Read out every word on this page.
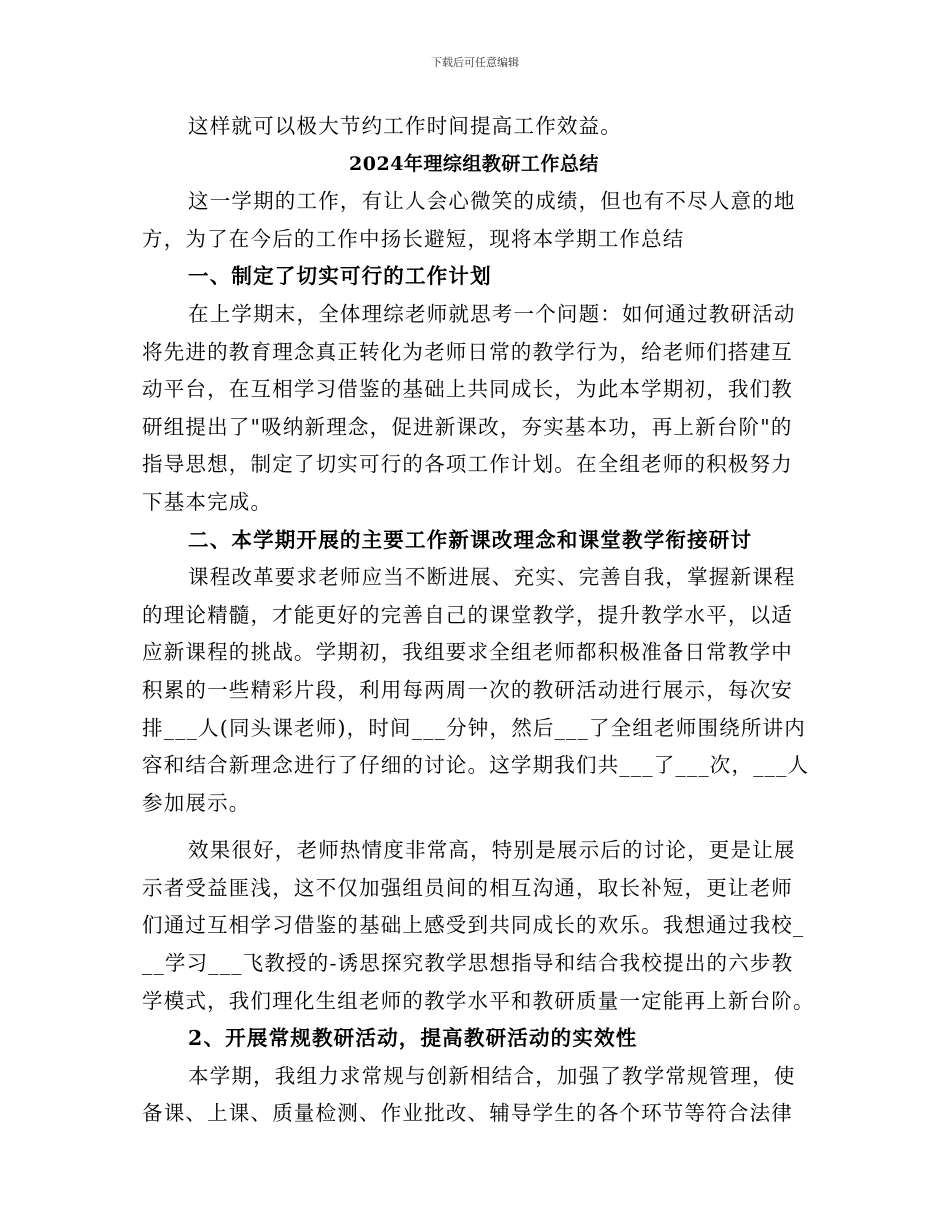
下载后可任意编辑
这样就可以极大节约工作时间提高工作效益。
2024年理综组教研工作总结
这一学期的工作，有让人会心微笑的成绩，但也有不尽人意的地
方，为了在今后的工作中扬长避短，现将本学期工作总结
一、制定了切实可行的工作计划
在上学期末，全体理综老师就思考一个问题：如何通过教研活动
将先进的教育理念真正转化为老师日常的教学行为，给老师们搭建互
动平台，在互相学习借鉴的基础上共同成长，为此本学期初，我们教
研组提出了"吸纳新理念，促进新课改，夯实基本功，再上新台阶"的
指导思想，制定了切实可行的各项工作计划。在全组老师的积极努力
下基本完成。
二、本学期开展的主要工作新课改理念和课堂教学衔接研讨
课程改革要求老师应当不断进展、充实、完善自我，掌握新课程
的理论精髓，才能更好的完善自己的课堂教学，提升教学水平，以适
应新课程的挑战。学期初，我组要求全组老师都积极准备日常教学中
积累的一些精彩片段，利用每两周一次的教研活动进行展示，每次安
排___人(同头课老师)，时间___分钟，然后___了全组老师围绕所讲内
容和结合新理念进行了仔细的讨论。这学期我们共___了___次，___人
参加展示。
效果很好，老师热情度非常高，特别是展示后的讨论，更是让展
示者受益匪浅，这不仅加强组员间的相互沟通，取长补短，更让老师
们通过互相学习借鉴的基础上感受到共同成长的欢乐。我想通过我校_
__学习___飞教授的-诱思探究教学思想指导和结合我校提出的六步教
学模式，我们理化生组老师的教学水平和教研质量一定能再上新台阶。
2、开展常规教研活动，提高教研活动的实效性
本学期，我组力求常规与创新相结合，加强了教学常规管理，使
备课、上课、质量检测、作业批改、辅导学生的各个环节等符合法律
